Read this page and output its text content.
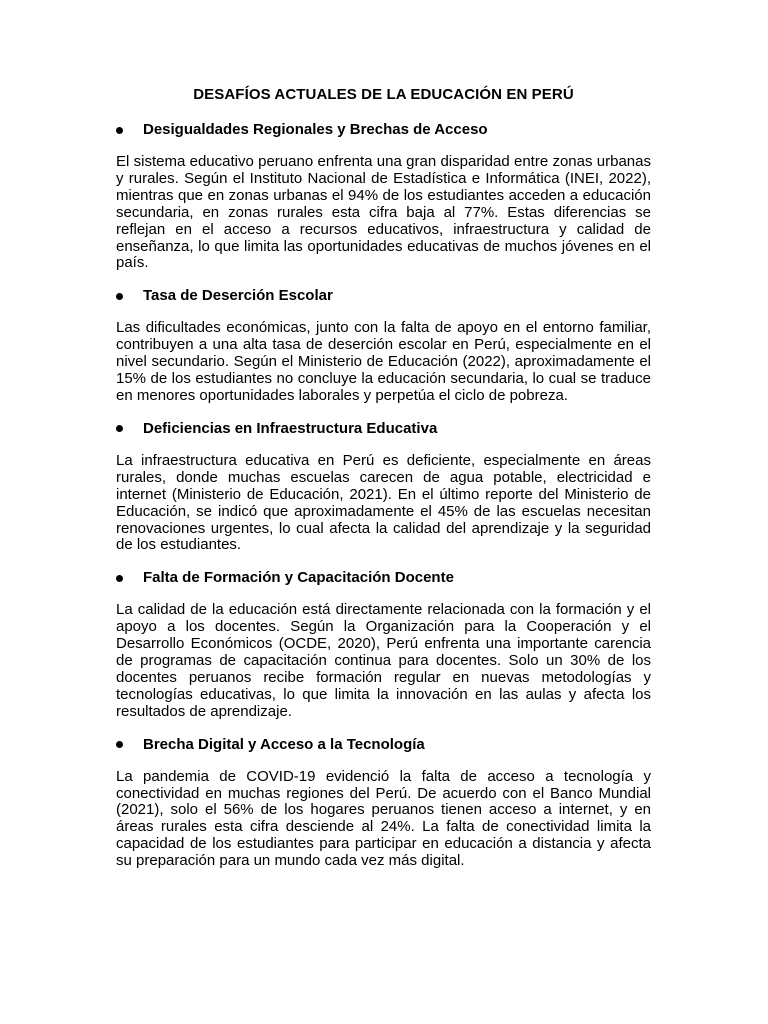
DESAFÍOS ACTUALES DE LA EDUCACIÓN EN PERÚ
Desigualdades Regionales y Brechas de Acceso

El sistema educativo peruano enfrenta una gran disparidad entre zonas urbanas y rurales. Según el Instituto Nacional de Estadística e Informática (INEI, 2022), mientras que en zonas urbanas el 94% de los estudiantes acceden a educación secundaria, en zonas rurales esta cifra baja al 77%. Estas diferencias se reflejan en el acceso a recursos educativos, infraestructura y calidad de enseñanza, lo que limita las oportunidades educativas de muchos jóvenes en el país.

Tasa de Deserción Escolar

Las dificultades económicas, junto con la falta de apoyo en el entorno familiar, contribuyen a una alta tasa de deserción escolar en Perú, especialmente en el nivel secundario. Según el Ministerio de Educación (2022), aproximadamente el 15% de los estudiantes no concluye la educación secundaria, lo cual se traduce en menores oportunidades laborales y perpetúa el ciclo de pobreza.

Deficiencias en Infraestructura Educativa

La infraestructura educativa en Perú es deficiente, especialmente en áreas rurales, donde muchas escuelas carecen de agua potable, electricidad e internet (Ministerio de Educación, 2021). En el último reporte del Ministerio de Educación, se indicó que aproximadamente el 45% de las escuelas necesitan renovaciones urgentes, lo cual afecta la calidad del aprendizaje y la seguridad de los estudiantes.

Falta de Formación y Capacitación Docente

La calidad de la educación está directamente relacionada con la formación y el apoyo a los docentes. Según la Organización para la Cooperación y el Desarrollo Económicos (OCDE, 2020), Perú enfrenta una importante carencia de programas de capacitación continua para docentes. Solo un 30% de los docentes peruanos recibe formación regular en nuevas metodologías y tecnologías educativas, lo que limita la innovación en las aulas y afecta los resultados de aprendizaje.

Brecha Digital y Acceso a la Tecnología

La pandemia de COVID-19 evidenció la falta de acceso a tecnología y conectividad en muchas regiones del Perú. De acuerdo con el Banco Mundial (2021), solo el 56% de los hogares peruanos tienen acceso a internet, y en áreas rurales esta cifra desciende al 24%. La falta de conectividad limita la capacidad de los estudiantes para participar en educación a distancia y afecta su preparación para un mundo cada vez más digital.
